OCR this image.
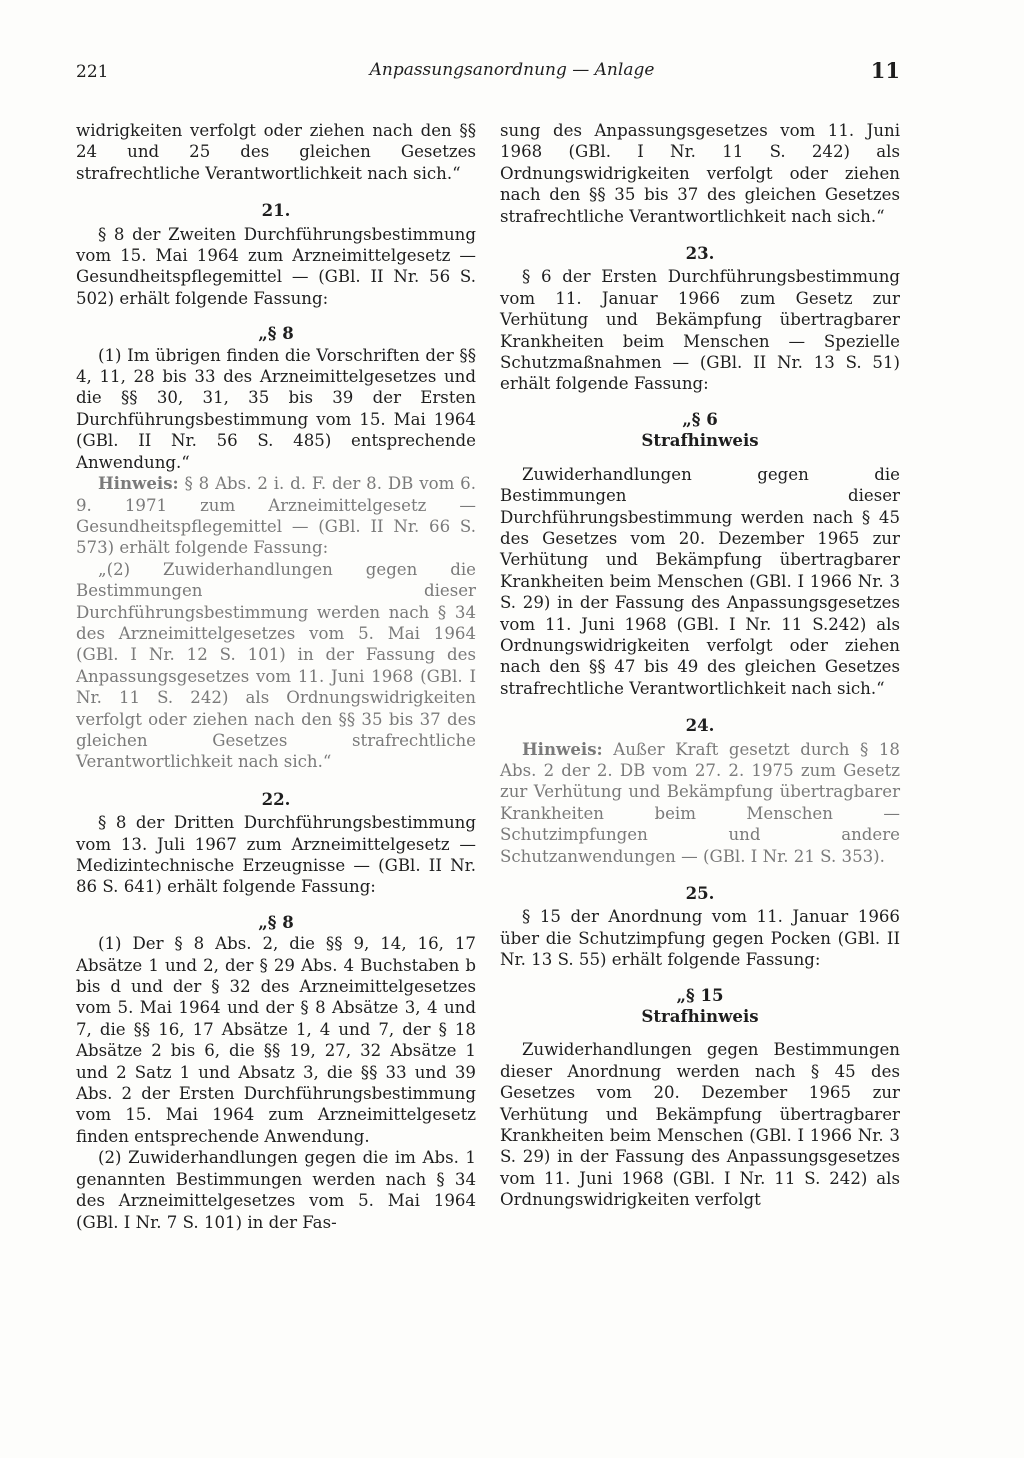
221	Anpassungsanordnung — Anlage	11

widrigkeiten verfolgt oder ziehen nach den §§ 24 und 25 des gleichen Gesetzes strafrechtliche Verantwortlichkeit nach sich.“

21.

§ 8 der Zweiten Durchführungsbestimmung vom 15. Mai 1964 zum Arzneimittelgesetz — Gesundheitspflegemittel — (GBl. II Nr. 56 S. 502) erhält folgende Fassung:

„§ 8

(1) Im übrigen finden die Vorschriften der §§ 4, 11, 28 bis 33 des Arzneimittelgesetzes und die §§ 30, 31, 35 bis 39 der Ersten Durchführungsbestimmung vom 15. Mai 1964 (GBl. II Nr. 56 S. 485) entsprechende Anwendung.“

Hinweis: § 8 Abs. 2 i. d. F. der 8. DB vom 6. 9. 1971 zum Arzneimittelgesetz — Gesundheitspflegemittel — (GBl. II Nr. 66 S. 573) erhält folgende Fassung:

„(2) Zuwiderhandlungen gegen die Bestimmungen dieser Durchführungsbestimmung werden nach § 34 des Arzneimittelgesetzes vom 5. Mai 1964 (GBl. I Nr. 12 S. 101) in der Fassung des Anpassungsgesetzes vom 11. Juni 1968 (GBl. I Nr. 11 S. 242) als Ordnungswidrigkeiten verfolgt oder ziehen nach den §§ 35 bis 37 des gleichen Gesetzes strafrechtliche Verantwortlichkeit nach sich.“

22.

§ 8 der Dritten Durchführungsbestimmung vom 13. Juli 1967 zum Arzneimittelgesetz — Medizintechnische Erzeugnisse — (GBl. II Nr. 86 S. 641) erhält folgende Fassung:

„§ 8

(1) Der § 8 Abs. 2, die §§ 9, 14, 16, 17 Absätze 1 und 2, der § 29 Abs. 4 Buchstaben b bis d und der § 32 des Arzneimittelgesetzes vom 5. Mai 1964 und der § 8 Absätze 3, 4 und 7, die §§ 16, 17 Absätze 1, 4 und 7, der § 18 Absätze 2 bis 6, die §§ 19, 27, 32 Absätze 1 und 2 Satz 1 und Absatz 3, die §§ 33 und 39 Abs. 2 der Ersten Durchführungsbestimmung vom 15. Mai 1964 zum Arzneimittelgesetz finden entsprechende Anwendung.

(2) Zuwiderhandlungen gegen die im Abs. 1 genannten Bestimmungen werden nach § 34 des Arzneimittelgesetzes vom 5. Mai 1964 (GBl. I Nr. 7 S. 101) in der Fas-

sung des Anpassungsgesetzes vom 11. Juni 1968 (GBl. I Nr. 11 S. 242) als Ordnungswidrigkeiten verfolgt oder ziehen nach den §§ 35 bis 37 des gleichen Gesetzes strafrechtliche Verantwortlichkeit nach sich.“

23.

§ 6 der Ersten Durchführungsbestimmung vom 11. Januar 1966 zum Gesetz zur Verhütung und Bekämpfung übertragbarer Krankheiten beim Menschen — Spezielle Schutzmaßnahmen — (GBl. II Nr. 13 S. 51) erhält folgende Fassung:

„§ 6

Strafhinweis

Zuwiderhandlungen gegen die Bestimmungen dieser Durchführungsbestimmung werden nach § 45 des Gesetzes vom 20. Dezember 1965 zur Verhütung und Bekämpfung übertragbarer Krankheiten beim Menschen (GBl. I 1966 Nr. 3 S. 29) in der Fassung des Anpassungsgesetzes vom 11. Juni 1968 (GBl. I Nr. 11 S.242) als Ordnungswidrigkeiten verfolgt oder ziehen nach den §§ 47 bis 49 des gleichen Gesetzes strafrechtliche Verantwortlichkeit nach sich.“

24.

Hinweis: Außer Kraft gesetzt durch § 18 Abs. 2 der 2. DB vom 27. 2. 1975 zum Gesetz zur Verhütung und Bekämpfung übertragbarer Krankheiten beim Menschen — Schutzimpfungen und andere Schutzanwendungen — (GBl. I Nr. 21 S. 353).

25.

§ 15 der Anordnung vom 11. Januar 1966 über die Schutzimpfung gegen Pocken (GBl. II Nr. 13 S. 55) erhält folgende Fassung:

„§ 15

Strafhinweis

Zuwiderhandlungen gegen Bestimmungen dieser Anordnung werden nach § 45 des Gesetzes vom 20. Dezember 1965 zur Verhütung und Bekämpfung übertragbarer Krankheiten beim Menschen (GBl. I 1966 Nr. 3 S. 29) in der Fassung des Anpassungsgesetzes vom 11. Juni 1968 (GBl. I Nr. 11 S. 242) als Ordnungswidrigkeiten verfolgt
